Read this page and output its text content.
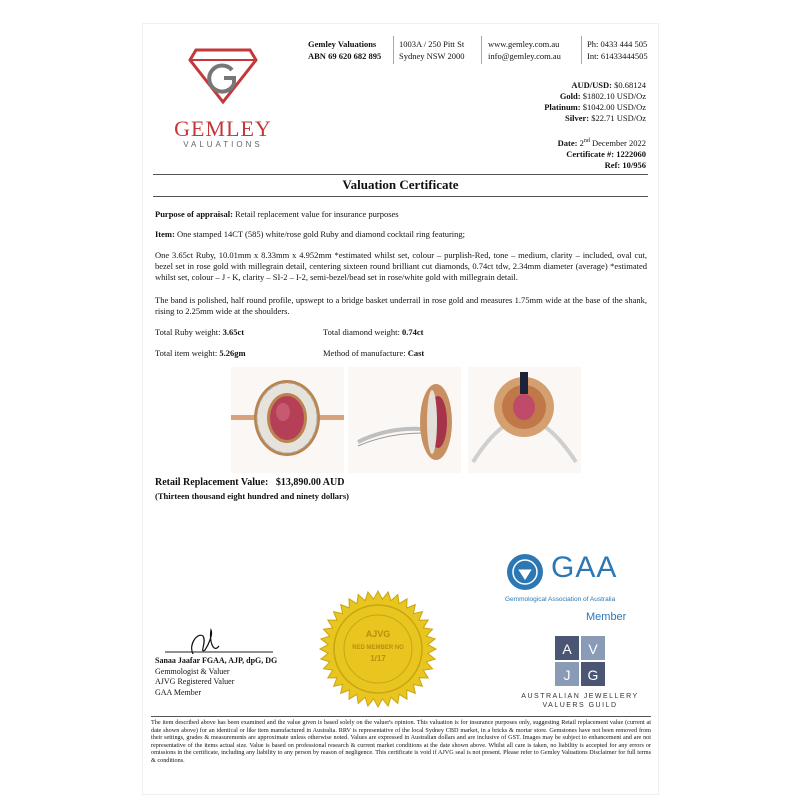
GEMLEY
VALUATIONS
Gemley Valuations
ABN 69 620 682 895
1003A / 250 Pitt St
Sydney NSW 2000
www.gemley.com.au
info@gemley.com.au
Ph: 0433 444 505
Int: 61433444505
AUD/USD: $0.68124
Gold: $1802.10 USD/Oz
Platinum: $1042.00 USD/Oz
Silver: $22.71 USD/Oz
Date: 2nd December 2022
Certificate #: 1222060
Ref: 10/956
Valuation Certificate
Purpose of appraisal: Retail replacement value for insurance purposes
Item: One stamped 14CT (585) white/rose gold Ruby and diamond cocktail ring featuring;
One 3.65ct Ruby, 10.01mm x 8.33mm x 4.952mm *estimated whilst set, colour – purplish-Red, tone – medium, clarity – included, oval cut, bezel set in rose gold with millegrain detail, centering sixteen round brilliant cut diamonds, 0.74ct tdw, 2.34mm diameter (average) *estimated whilst set, colour – J - K, clarity – SI-2 – I-2, semi-bezel/bead set in rose/white gold with millegrain detail.
The band is polished, half round profile, upswept to a bridge basket underrail in rose gold and measures 1.75mm wide at the base of the shank, rising to 2.25mm wide at the shoulders.
Total Ruby weight: 3.65ct	Total diamond weight: 0.74ct
Total item weight: 5.26gm	Method of manufacture: Cast
Retail Replacement Value: $13,890.00 AUD
(Thirteen thousand eight hundred and ninety dollars)
GAA
Gemmological Association of Australia
Member
AJVG
RED MEMBER NO
1/17
Sanaa Jaafar FGAA, AJP, dpG, DG
Gemmologist & Valuer
AJVG Registered Valuer
GAA Member
A V
J G
AUSTRALIAN JEWELLERY
VALUERS GUILD
The item described above has been examined and the value given is based solely on the valuer's opinion. This valuation is for insurance purposes only, suggesting Retail replacement value (current at date shown above) for an identical or like item manufactured in Australia. RRV is representative of the local Sydney CBD market, in a bricks & mortar store. Gemstones have not been removed from their settings, grades & measurements are approximate unless otherwise noted. Values are expressed in Australian dollars and are inclusive of GST. Images may be subject to enhancement and are not representative of the items actual size. Value is based on professional research & current market conditions at the date shown above. Whilst all care is taken, no liability is accepted for any errors or omissions in the certificate, including any liability to any person by reason of negligence. This certificate is void if AJVG seal is not present. Please refer to Gemley Valuations Disclaimer for full terms & conditions.
